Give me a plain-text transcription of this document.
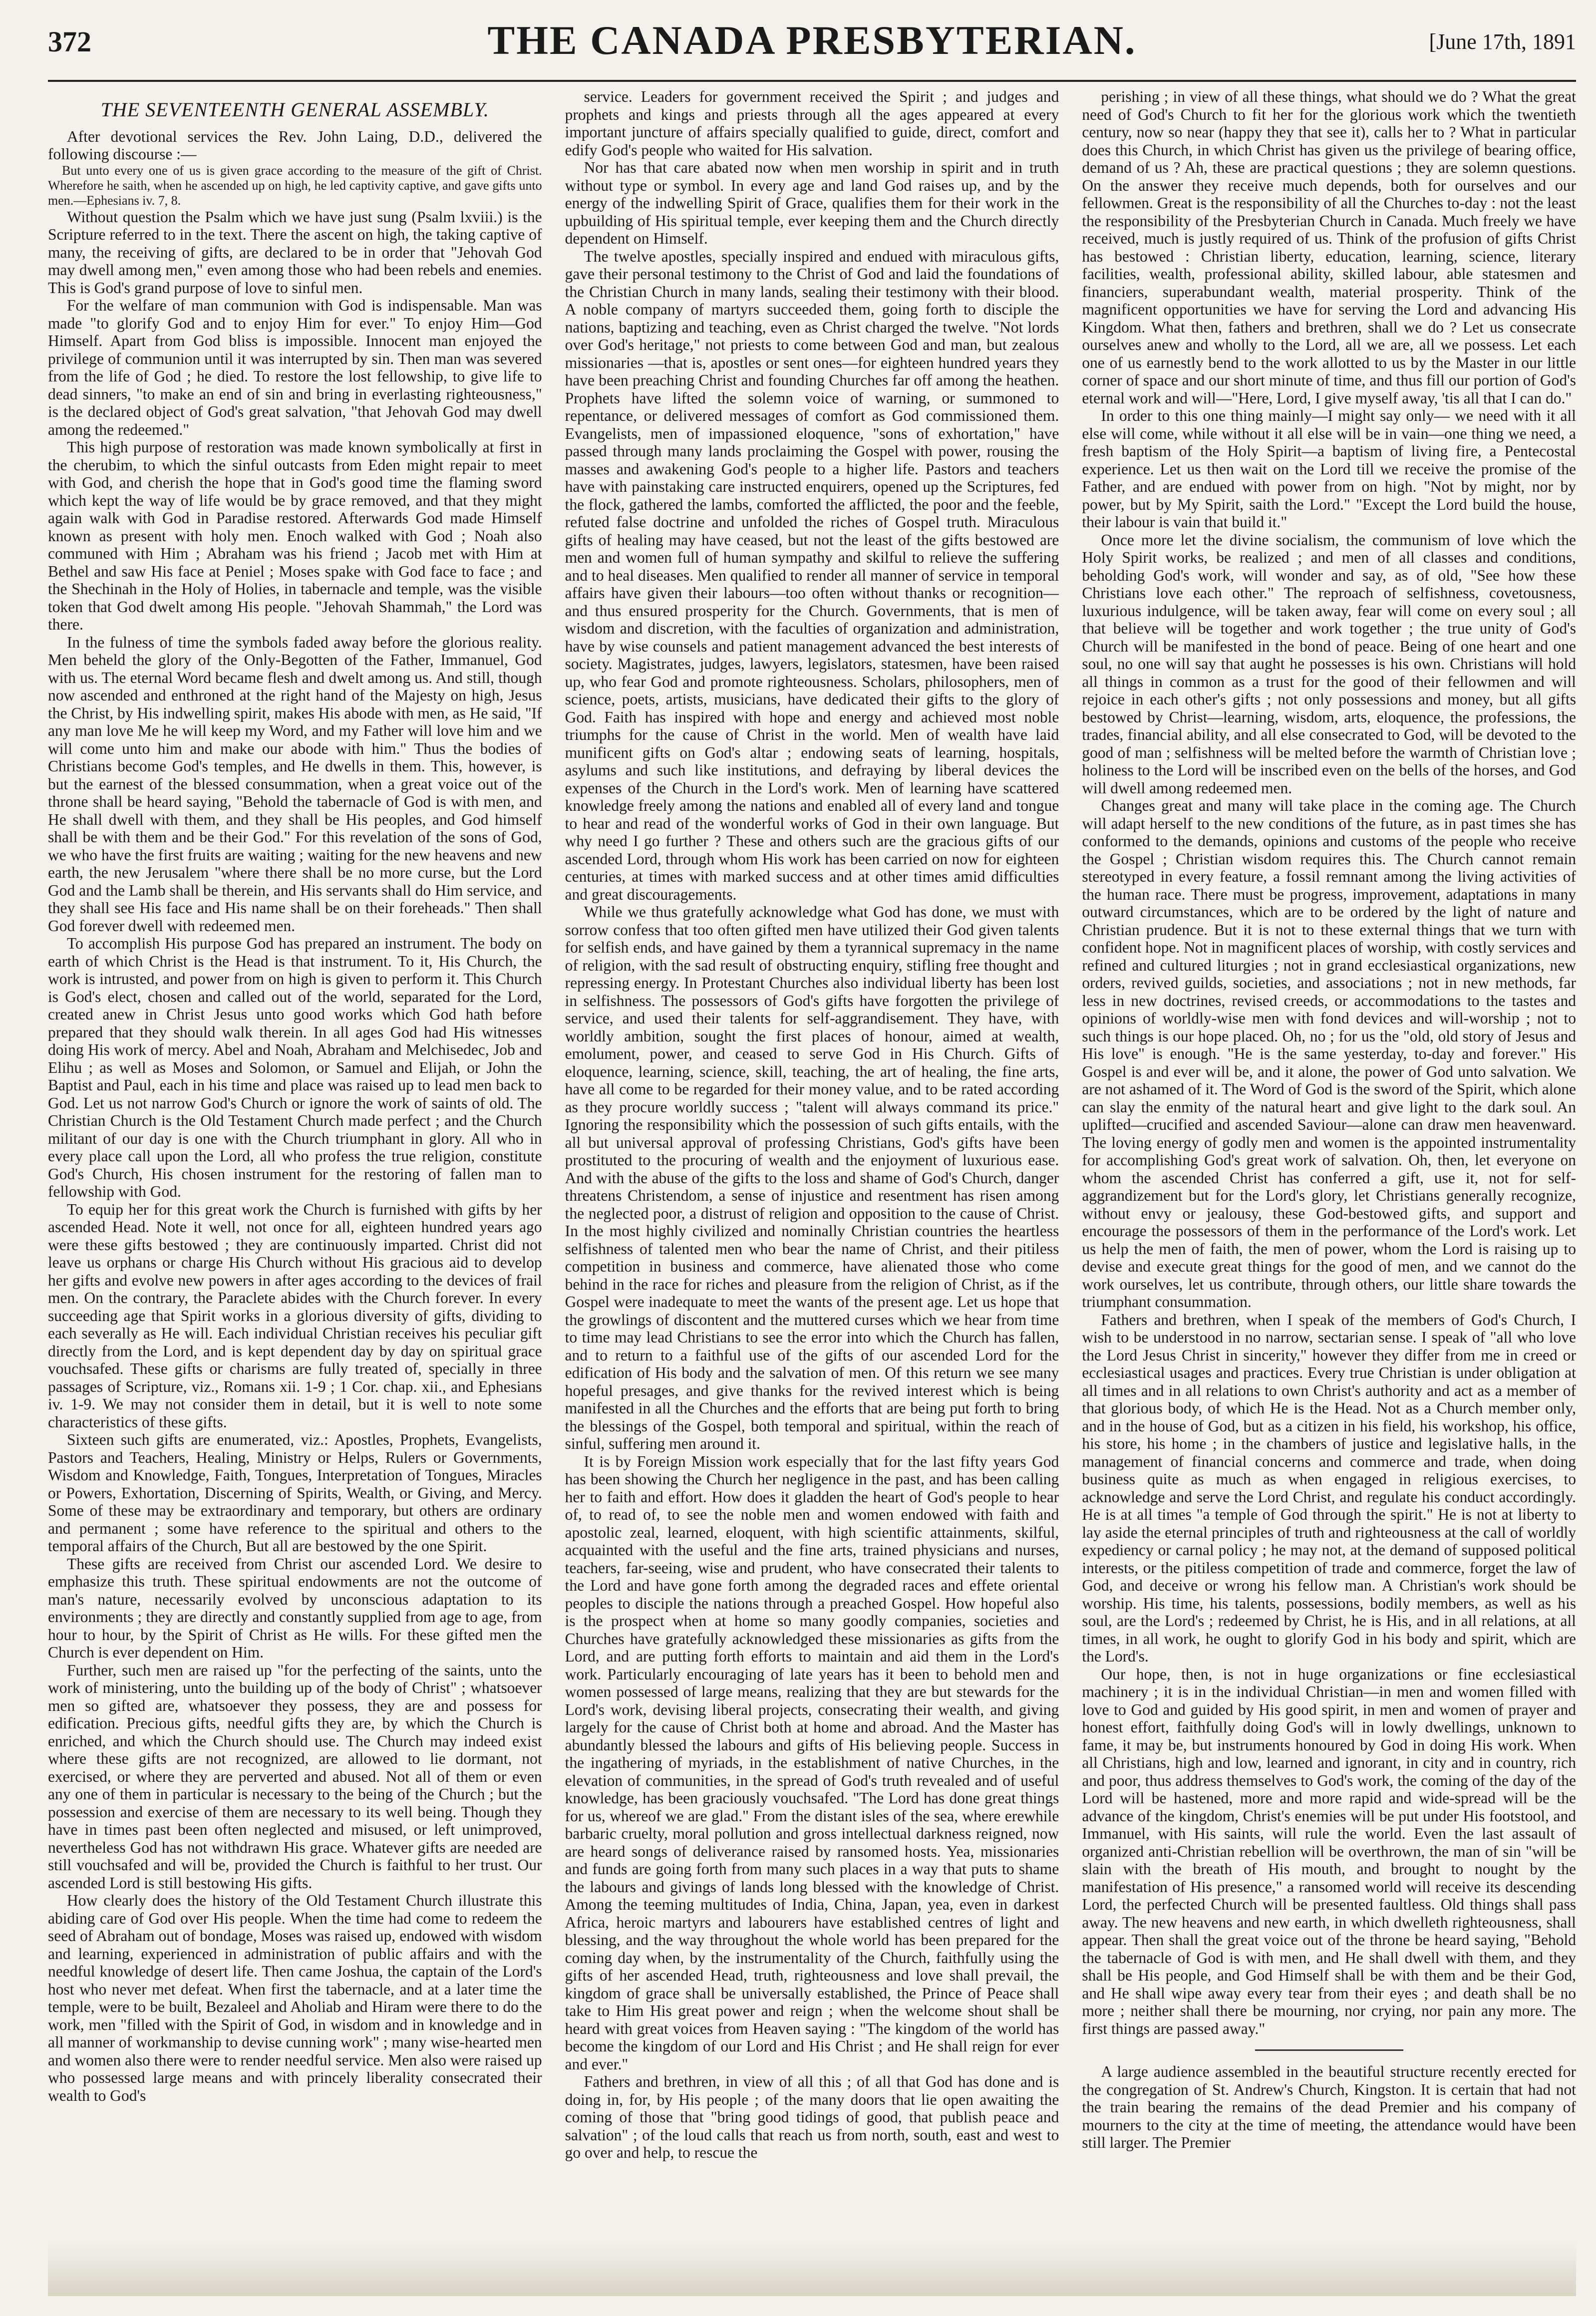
372	THE CANADA PRESBYTERIAN.	[June 17th, 1891
THE SEVENTEENTH GENERAL ASSEMBLY.

After devotional services the Rev. John Laing, D.D., delivered the following discourse :—

But unto every one of us is given grace according to the measure of the gift of Christ. Wherefore he saith, when he ascended up on high, he led captivity captive, and gave gifts unto men.—Ephesians iv. 7, 8.

Without question the Psalm which we have just sung (Psalm lxviii.) is the Scripture referred to in the text. There the ascent on high, the taking captive of many, the receiving of gifts, are declared to be in order that "Jehovah God may dwell among men," even among those who had been rebels and enemies. This is God's grand purpose of love to sinful men.

For the welfare of man communion with God is indispensable. Man was made "to glorify God and to enjoy Him for ever." To enjoy Him—God Himself. Apart from God bliss is impossible. Innocent man enjoyed the privilege of communion until it was interrupted by sin. Then man was severed from the life of God ; he died. To restore the lost fellowship, to give life to dead sinners, "to make an end of sin and bring in everlasting righteousness," is the declared object of God's great salvation, "that Jehovah God may dwell among the redeemed."

This high purpose of restoration was made known symbolically at first in the cherubim, to which the sinful outcasts from Eden might repair to meet with God, and cherish the hope that in God's good time the flaming sword which kept the way of life would be by grace removed, and that they might again walk with God in Paradise restored. Afterwards God made Himself known as present with holy men. Enoch walked with God ; Noah also communed with Him ; Abraham was his friend ; Jacob met with Him at Bethel and saw His face at Peniel ; Moses spake with God face to face ; and the Shechinah in the Holy of Holies, in tabernacle and temple, was the visible token that God dwelt among His people. "Jehovah Shammah," the Lord was there.

In the fulness of time the symbols faded away before the glorious reality. Men beheld the glory of the Only-Begotten of the Father, Immanuel, God with us. The eternal Word became flesh and dwelt among us. And still, though now ascended and enthroned at the right hand of the Majesty on high, Jesus the Christ, by His indwelling spirit, makes His abode with men, as He said, "If any man love Me he will keep my Word, and my Father will love him and we will come unto him and make our abode with him." Thus the bodies of Christians become God's temples, and He dwells in them. This, however, is but the earnest of the blessed consummation, when a great voice out of the throne shall be heard saying, "Behold the tabernacle of God is with men, and He shall dwell with them, and they shall be His peoples, and God himself shall be with them and be their God." For this revelation of the sons of God, we who have the first fruits are waiting ; waiting for the new heavens and new earth, the new Jerusalem "where there shall be no more curse, but the Lord God and the Lamb shall be therein, and His servants shall do Him service, and they shall see His face and His name shall be on their foreheads." Then shall God forever dwell with redeemed men.

To accomplish His purpose God has prepared an instrument. The body on earth of which Christ is the Head is that instrument. To it, His Church, the work is intrusted, and power from on high is given to perform it. This Church is God's elect, chosen and called out of the world, separated for the Lord, created anew in Christ Jesus unto good works which God hath before prepared that they should walk therein. In all ages God had His witnesses doing His work of mercy. Abel and Noah, Abraham and Melchisedec, Job and Elihu ; as well as Moses and Solomon, or Samuel and Elijah, or John the Baptist and Paul, each in his time and place was raised up to lead men back to God. Let us not narrow God's Church or ignore the work of saints of old. The Christian Church is the Old Testament Church made perfect ; and the Church militant of our day is one with the Church triumphant in glory. All who in every place call upon the Lord, all who profess the true religion, constitute God's Church, His chosen instrument for the restoring of fallen man to fellowship with God.

To equip her for this great work the Church is furnished with gifts by her ascended Head. Note it well, not once for all, eighteen hundred years ago were these gifts bestowed ; they are continuously imparted. Christ did not leave us orphans or charge His Church without His gracious aid to develop her gifts and evolve new powers in after ages according to the devices of frail men. On the contrary, the Paraclete abides with the Church forever. In every succeeding age that Spirit works in a glorious diversity of gifts, dividing to each severally as He will. Each individual Christian receives his peculiar gift directly from the Lord, and is kept dependent day by day on spiritual grace vouchsafed. These gifts or charisms are fully treated of, specially in three passages of Scripture, viz., Romans xii. 1-9 ; 1 Cor. chap. xii., and Ephesians iv. 1-9. We may not consider them in detail, but it is well to note some characteristics of these gifts.

Sixteen such gifts are enumerated, viz.: Apostles, Prophets, Evangelists, Pastors and Teachers, Healing, Ministry or Helps, Rulers or Governments, Wisdom and Knowledge, Faith, Tongues, Interpretation of Tongues, Miracles or Powers, Exhortation, Discerning of Spirits, Wealth, or Giving, and Mercy. Some of these may be extraordinary and temporary, but others are ordinary and permanent ; some have reference to the spiritual and others to the temporal affairs of the Church, But all are bestowed by the one Spirit.

These gifts are received from Christ our ascended Lord. We desire to emphasize this truth. These spiritual endowments are not the outcome of man's nature, necessarily evolved by unconscious adaptation to its environments ; they are directly and constantly supplied from age to age, from hour to hour, by the Spirit of Christ as He wills. For these gifted men the Church is ever dependent on Him.

Further, such men are raised up "for the perfecting of the saints, unto the work of ministering, unto the building up of the body of Christ" ; whatsoever men so gifted are, whatsoever they possess, they are and possess for edification. Precious gifts, needful gifts they are, by which the Church is enriched, and which the Church should use. The Church may indeed exist where these gifts are not recognized, are allowed to lie dormant, not exercised, or where they are perverted and abused. Not all of them or even any one of them in particular is necessary to the being of the Church ; but the possession and exercise of them are necessary to its well being. Though they have in times past been often neglected and misused, or left unimproved, nevertheless God has not withdrawn His grace. Whatever gifts are needed are still vouchsafed and will be, provided the Church is faithful to her trust. Our ascended Lord is still bestowing His gifts.

How clearly does the history of the Old Testament Church illustrate this abiding care of God over His people. When the time had come to redeem the seed of Abraham out of bondage, Moses was raised up, endowed with wisdom and learning, experienced in administration of public affairs and with the needful knowledge of desert life. Then came Joshua, the captain of the Lord's host who never met defeat. When first the tabernacle, and at a later time the temple, were to be built, Bezaleel and Aholiab and Hiram were there to do the work, men "filled with the Spirit of God, in wisdom and in knowledge and in all manner of workmanship to devise cunning work" ; many wise-hearted men and women also there were to render needful service. Men also were raised up who possessed large means and with princely liberality consecrated their wealth to God's

service. Leaders for government received the Spirit ; and judges and prophets and kings and priests through all the ages appeared at every important juncture of affairs specially qualified to guide, direct, comfort and edify God's people who waited for His salvation.

Nor has that care abated now when men worship in spirit and in truth without type or symbol. In every age and land God raises up, and by the energy of the indwelling Spirit of Grace, qualifies them for their work in the upbuilding of His spiritual temple, ever keeping them and the Church directly dependent on Himself.

The twelve apostles, specially inspired and endued with miraculous gifts, gave their personal testimony to the Christ of God and laid the foundations of the Christian Church in many lands, sealing their testimony with their blood. A noble company of martyrs succeeded them, going forth to disciple the nations, baptizing and teaching, even as Christ charged the twelve. "Not lords over God's heritage," not priests to come between God and man, but zealous missionaries —that is, apostles or sent ones—for eighteen hundred years they have been preaching Christ and founding Churches far off among the heathen. Prophets have lifted the solemn voice of warning, or summoned to repentance, or delivered messages of comfort as God commissioned them. Evangelists, men of impassioned eloquence, "sons of exhortation," have passed through many lands proclaiming the Gospel with power, rousing the masses and awakening God's people to a higher life. Pastors and teachers have with painstaking care instructed enquirers, opened up the Scriptures, fed the flock, gathered the lambs, comforted the afflicted, the poor and the feeble, refuted false doctrine and unfolded the riches of Gospel truth. Miraculous gifts of healing may have ceased, but not the least of the gifts bestowed are men and women full of human sympathy and skilful to relieve the suffering and to heal diseases. Men qualified to render all manner of service in temporal affairs have given their labours—too often without thanks or recognition—and thus ensured prosperity for the Church. Governments, that is men of wisdom and discretion, with the faculties of organization and administration, have by wise counsels and patient management advanced the best interests of society. Magistrates, judges, lawyers, legislators, statesmen, have been raised up, who fear God and promote righteousness. Scholars, philosophers, men of science, poets, artists, musicians, have dedicated their gifts to the glory of God. Faith has inspired with hope and energy and achieved most noble triumphs for the cause of Christ in the world. Men of wealth have laid munificent gifts on God's altar ; endowing seats of learning, hospitals, asylums and such like institutions, and defraying by liberal devices the expenses of the Church in the Lord's work. Men of learning have scattered knowledge freely among the nations and enabled all of every land and tongue to hear and read of the wonderful works of God in their own language. But why need I go further ? These and others such are the gracious gifts of our ascended Lord, through whom His work has been carried on now for eighteen centuries, at times with marked success and at other times amid difficulties and great discouragements.

While we thus gratefully acknowledge what God has done, we must with sorrow confess that too often gifted men have utilized their God given talents for selfish ends, and have gained by them a tyrannical supremacy in the name of religion, with the sad result of obstructing enquiry, stifling free thought and repressing energy. In Protestant Churches also individual liberty has been lost in selfishness. The possessors of God's gifts have forgotten the privilege of service, and used their talents for self-aggrandisement. They have, with worldly ambition, sought the first places of honour, aimed at wealth, emolument, power, and ceased to serve God in His Church. Gifts of eloquence, learning, science, skill, teaching, the art of healing, the fine arts, have all come to be regarded for their money value, and to be rated according as they procure worldly success ; "talent will always command its price." Ignoring the responsibility which the possession of such gifts entails, with the all but universal approval of professing Christians, God's gifts have been prostituted to the procuring of wealth and the enjoyment of luxurious ease. And with the abuse of the gifts to the loss and shame of God's Church, danger threatens Christendom, a sense of injustice and resentment has risen among the neglected poor, a distrust of religion and opposition to the cause of Christ. In the most highly civilized and nominally Christian countries the heartless selfishness of talented men who bear the name of Christ, and their pitiless competition in business and commerce, have alienated those who come behind in the race for riches and pleasure from the religion of Christ, as if the Gospel were inadequate to meet the wants of the present age. Let us hope that the growlings of discontent and the muttered curses which we hear from time to time may lead Christians to see the error into which the Church has fallen, and to return to a faithful use of the gifts of our ascended Lord for the edification of His body and the salvation of men. Of this return we see many hopeful presages, and give thanks for the revived interest which is being manifested in all the Churches and the efforts that are being put forth to bring the blessings of the Gospel, both temporal and spiritual, within the reach of sinful, suffering men around it.

It is by Foreign Mission work especially that for the last fifty years God has been showing the Church her negligence in the past, and has been calling her to faith and effort. How does it gladden the heart of God's people to hear of, to read of, to see the noble men and women endowed with faith and apostolic zeal, learned, eloquent, with high scientific attainments, skilful, acquainted with the useful and the fine arts, trained physicians and nurses, teachers, far-seeing, wise and prudent, who have consecrated their talents to the Lord and have gone forth among the degraded races and effete oriental peoples to disciple the nations through a preached Gospel. How hopeful also is the prospect when at home so many goodly companies, societies and Churches have gratefully acknowledged these missionaries as gifts from the Lord, and are putting forth efforts to maintain and aid them in the Lord's work. Particularly encouraging of late years has it been to behold men and women possessed of large means, realizing that they are but stewards for the Lord's work, devising liberal projects, consecrating their wealth, and giving largely for the cause of Christ both at home and abroad. And the Master has abundantly blessed the labours and gifts of His believing people. Success in the ingathering of myriads, in the establishment of native Churches, in the elevation of communities, in the spread of God's truth revealed and of useful knowledge, has been graciously vouchsafed. "The Lord has done great things for us, whereof we are glad." From the distant isles of the sea, where erewhile barbaric cruelty, moral pollution and gross intellectual darkness reigned, now are heard songs of deliverance raised by ransomed hosts. Yea, missionaries and funds are going forth from many such places in a way that puts to shame the labours and givings of lands long blessed with the knowledge of Christ. Among the teeming multitudes of India, China, Japan, yea, even in darkest Africa, heroic martyrs and labourers have established centres of light and blessing, and the way throughout the whole world has been prepared for the coming day when, by the instrumentality of the Church, faithfully using the gifts of her ascended Head, truth, righteousness and love shall prevail, the kingdom of grace shall be universally established, the Prince of Peace shall take to Him His great power and reign ; when the welcome shout shall be heard with great voices from Heaven saying : "The kingdom of the world has become the kingdom of our Lord and His Christ ; and He shall reign for ever and ever."

Fathers and brethren, in view of all this ; of all that God has done and is doing in, for, by His people ; of the many doors that lie open awaiting the coming of those that "bring good tidings of good, that publish peace and salvation" ; of the loud calls that reach us from north, south, east and west to go over and help, to rescue the

perishing ; in view of all these things, what should we do ? What the great need of God's Church to fit her for the glorious work which the twentieth century, now so near (happy they that see it), calls her to ? What in particular does this Church, in which Christ has given us the privilege of bearing office, demand of us ? Ah, these are practical questions ; they are solemn questions. On the answer they receive much depends, both for ourselves and our fellowmen. Great is the responsibility of all the Churches to-day : not the least the responsibility of the Presbyterian Church in Canada. Much freely we have received, much is justly required of us. Think of the profusion of gifts Christ has bestowed : Christian liberty, education, learning, science, literary facilities, wealth, professional ability, skilled labour, able statesmen and financiers, superabundant wealth, material prosperity. Think of the magnificent opportunities we have for serving the Lord and advancing His Kingdom. What then, fathers and brethren, shall we do ? Let us consecrate ourselves anew and wholly to the Lord, all we are, all we possess. Let each one of us earnestly bend to the work allotted to us by the Master in our little corner of space and our short minute of time, and thus fill our portion of God's eternal work and will—"Here, Lord, I give myself away, 'tis all that I can do."

In order to this one thing mainly—I might say only— we need with it all else will come, while without it all else will be in vain—one thing we need, a fresh baptism of the Holy Spirit—a baptism of living fire, a Pentecostal experience. Let us then wait on the Lord till we receive the promise of the Father, and are endued with power from on high. "Not by might, nor by power, but by My Spirit, saith the Lord." "Except the Lord build the house, their labour is vain that build it."

Once more let the divine socialism, the communism of love which the Holy Spirit works, be realized ; and men of all classes and conditions, beholding God's work, will wonder and say, as of old, "See how these Christians love each other." The reproach of selfishness, covetousness, luxurious indulgence, will be taken away, fear will come on every soul ; all that believe will be together and work together ; the true unity of God's Church will be manifested in the bond of peace. Being of one heart and one soul, no one will say that aught he possesses is his own. Christians will hold all things in common as a trust for the good of their fellowmen and will rejoice in each other's gifts ; not only possessions and money, but all gifts bestowed by Christ—learning, wisdom, arts, eloquence, the professions, the trades, financial ability, and all else consecrated to God, will be devoted to the good of man ; selfishness will be melted before the warmth of Christian love ; holiness to the Lord will be inscribed even on the bells of the horses, and God will dwell among redeemed men.

Changes great and many will take place in the coming age. The Church will adapt herself to the new conditions of the future, as in past times she has conformed to the demands, opinions and customs of the people who receive the Gospel ; Christian wisdom requires this. The Church cannot remain stereotyped in every feature, a fossil remnant among the living activities of the human race. There must be progress, improvement, adaptations in many outward circumstances, which are to be ordered by the light of nature and Christian prudence. But it is not to these external things that we turn with confident hope. Not in magnificent places of worship, with costly services and refined and cultured liturgies ; not in grand ecclesiastical organizations, new orders, revived guilds, societies, and associations ; not in new methods, far less in new doctrines, revised creeds, or accommodations to the tastes and opinions of worldly-wise men with fond devices and will-worship ; not to such things is our hope placed. Oh, no ; for us the "old, old story of Jesus and His love" is enough. "He is the same yesterday, to-day and forever." His Gospel is and ever will be, and it alone, the power of God unto salvation. We are not ashamed of it. The Word of God is the sword of the Spirit, which alone can slay the enmity of the natural heart and give light to the dark soul. An uplifted—crucified and ascended Saviour—alone can draw men heavenward. The loving energy of godly men and women is the appointed instrumentality for accomplishing God's great work of salvation. Oh, then, let everyone on whom the ascended Christ has conferred a gift, use it, not for self-aggrandizement but for the Lord's glory, let Christians generally recognize, without envy or jealousy, these God-bestowed gifts, and support and encourage the possessors of them in the performance of the Lord's work. Let us help the men of faith, the men of power, whom the Lord is raising up to devise and execute great things for the good of men, and we cannot do the work ourselves, let us contribute, through others, our little share towards the triumphant consummation.

Fathers and brethren, when I speak of the members of God's Church, I wish to be understood in no narrow, sectarian sense. I speak of "all who love the Lord Jesus Christ in sincerity," however they differ from me in creed or ecclesiastical usages and practices. Every true Christian is under obligation at all times and in all relations to own Christ's authority and act as a member of that glorious body, of which He is the Head. Not as a Church member only, and in the house of God, but as a citizen in his field, his workshop, his office, his store, his home ; in the chambers of justice and legislative halls, in the management of financial concerns and commerce and trade, when doing business quite as much as when engaged in religious exercises, to acknowledge and serve the Lord Christ, and regulate his conduct accordingly. He is at all times "a temple of God through the spirit." He is not at liberty to lay aside the eternal principles of truth and righteousness at the call of worldly expediency or carnal policy ; he may not, at the demand of supposed political interests, or the pitiless competition of trade and commerce, forget the law of God, and deceive or wrong his fellow man. A Christian's work should be worship. His time, his talents, possessions, bodily members, as well as his soul, are the Lord's ; redeemed by Christ, he is His, and in all relations, at all times, in all work, he ought to glorify God in his body and spirit, which are the Lord's.

Our hope, then, is not in huge organizations or fine ecclesiastical machinery ; it is in the individual Christian—in men and women filled with love to God and guided by His good spirit, in men and women of prayer and honest effort, faithfully doing God's will in lowly dwellings, unknown to fame, it may be, but instruments honoured by God in doing His work. When all Christians, high and low, learned and ignorant, in city and in country, rich and poor, thus address themselves to God's work, the coming of the day of the Lord will be hastened, more and more rapid and wide-spread will be the advance of the kingdom, Christ's enemies will be put under His footstool, and Immanuel, with His saints, will rule the world. Even the last assault of organized anti-Christian rebellion will be overthrown, the man of sin "will be slain with the breath of His mouth, and brought to nought by the manifestation of His presence," a ransomed world will receive its descending Lord, the perfected Church will be presented faultless. Old things shall pass away. The new heavens and new earth, in which dwelleth righteousness, shall appear. Then shall the great voice out of the throne be heard saying, "Behold the tabernacle of God is with men, and He shall dwell with them, and they shall be His people, and God Himself shall be with them and be their God, and He shall wipe away every tear from their eyes ; and death shall be no more ; neither shall there be mourning, nor crying, nor pain any more. The first things are passed away."

A large audience assembled in the beautiful structure recently erected for the congregation of St. Andrew's Church, Kingston. It is certain that had not the train bearing the remains of the dead Premier and his company of mourners to the city at the time of meeting, the attendance would have been still larger. The Premier
